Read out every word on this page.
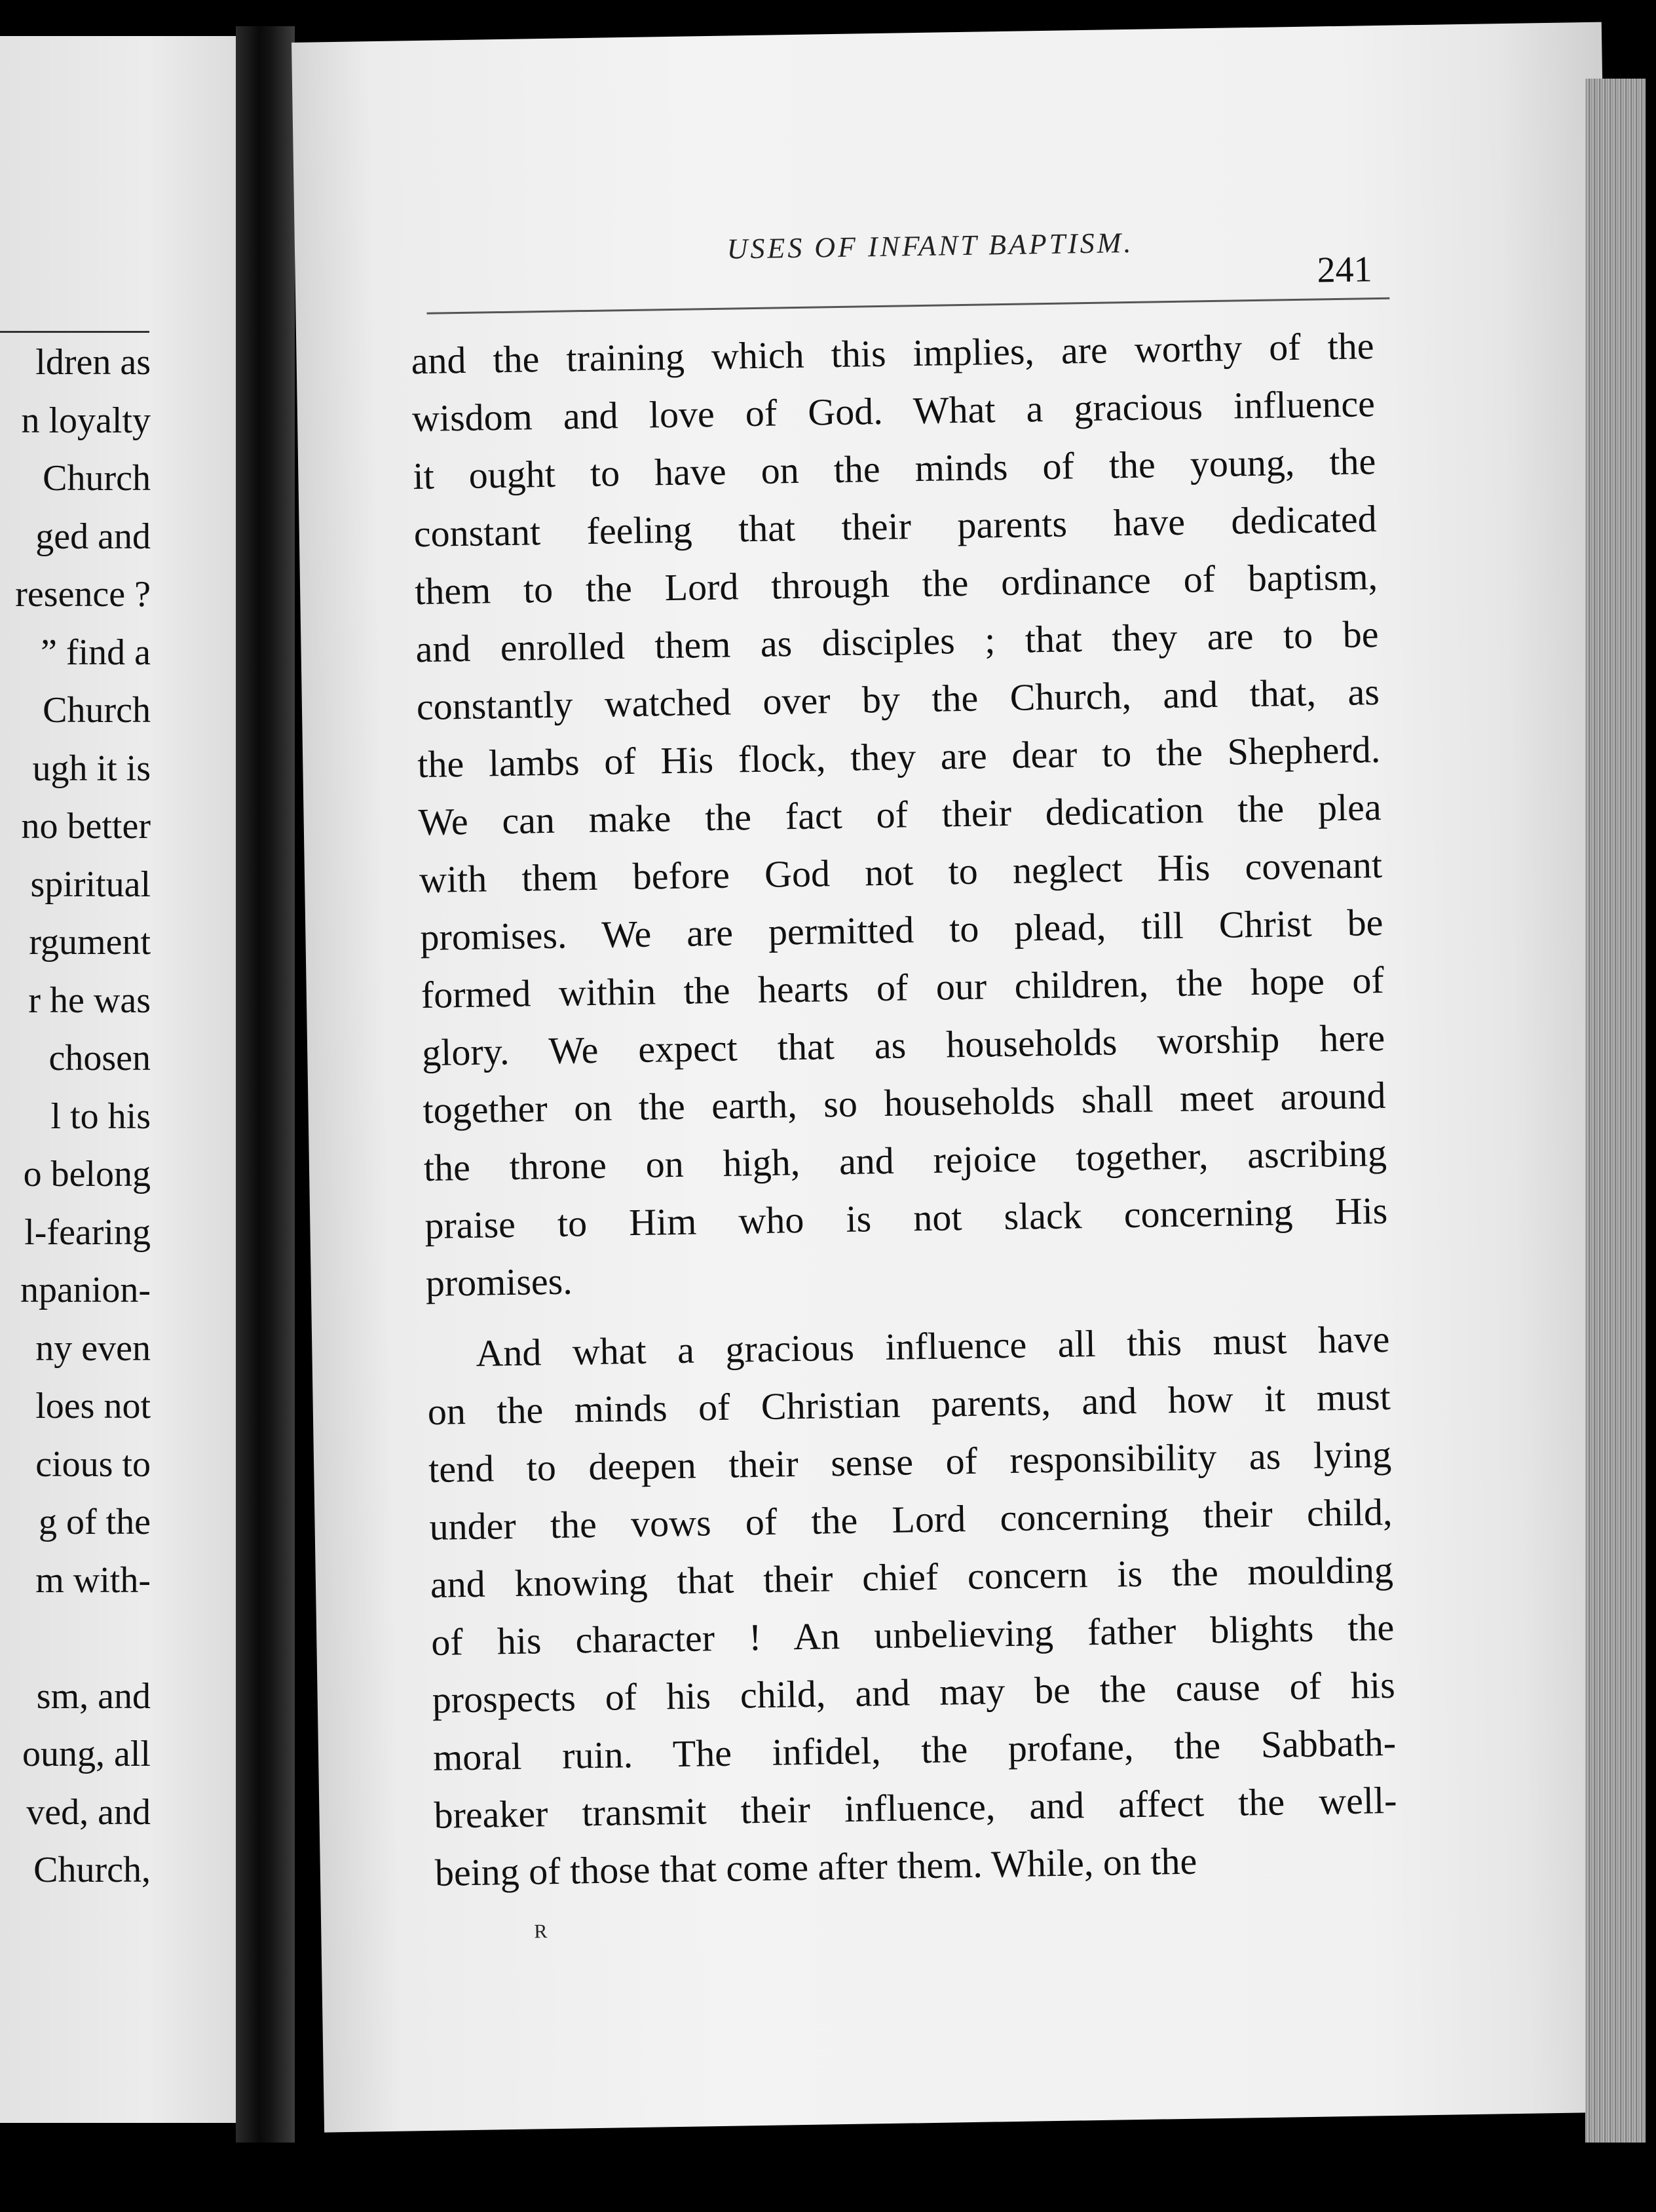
ldren as
n loyalty
Church
ged and
resence ?
” find a
Church
ugh it is
no better
spiritual
rgument
r he was
chosen
l to his
o belong
l-fearing
npanion-
ny even
loes not
cious to
g of the
m with-
sm, and
oung, all
ved, and
Church,
USES OF INFANT BAPTISM.
241
and the training which this implies, are worthy of the
wisdom and love of God. What a gracious influence
it ought to have on the minds of the young, the
constant feeling that their parents have dedicated
them to the Lord through the ordinance of baptism,
and enrolled them as disciples ; that they are to be
constantly watched over by the Church, and that, as
the lambs of His flock, they are dear to the Shepherd.
We can make the fact of their dedication the plea
with them before God not to neglect His covenant
promises. We are permitted to plead, till Christ be
formed within the hearts of our children, the hope of
glory. We expect that as households worship here
together on the earth, so households shall meet around
the throne on high, and rejoice together, ascribing
praise to Him who is not slack concerning His
promises.
And what a gracious influence all this must have
on the minds of Christian parents, and how it must
tend to deepen their sense of responsibility as lying
under the vows of the Lord concerning their child,
and knowing that their chief concern is the moulding
of his character ! An unbelieving father blights the
prospects of his child, and may be the cause of his
moral ruin. The infidel, the profane, the Sabbath-
breaker transmit their influence, and affect the well-
being of those that come after them. While, on the
R
